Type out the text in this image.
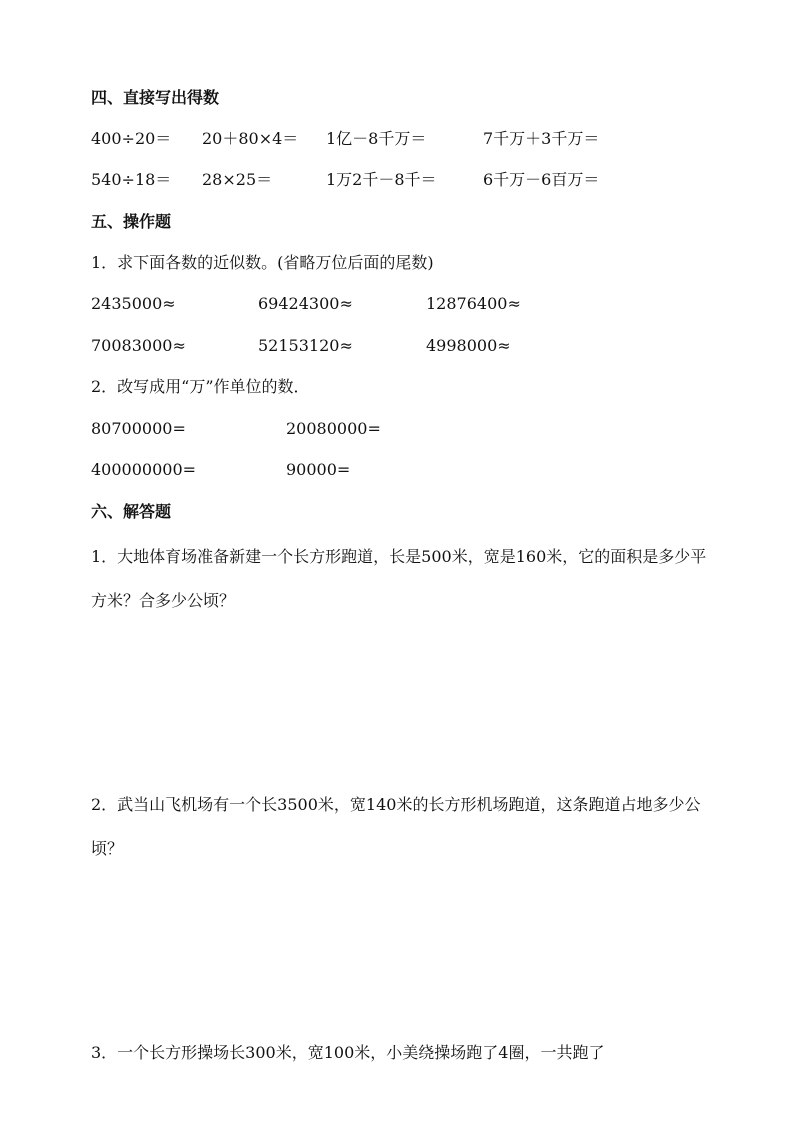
四、直接写出得数
400÷20＝ 20＋80×4＝ 1亿－8千万＝	7千万＋3千万＝
540÷18＝ 28×25＝	1万2千－8千＝	6千万－6百万＝
五、操作题
1．求下面各数的近似数。(省略万位后面的尾数)
2435000≈	69424300≈	12876400≈
70083000≈	52153120≈	4998000≈
2．改写成用“万”作单位的数．
80700000=	20080000=
400000000=	90000=
六、解答题
1．大地体育场准备新建一个长方形跑道，长是500米，宽是160米，它的面积是多少平方米？合多少公顷？
2．武当山飞机场有一个长3500米，宽140米的长方形机场跑道，这条跑道占地多少公顷？
3．一个长方形操场长300米，宽100米，小美绕操场跑了4圈，一共跑了
